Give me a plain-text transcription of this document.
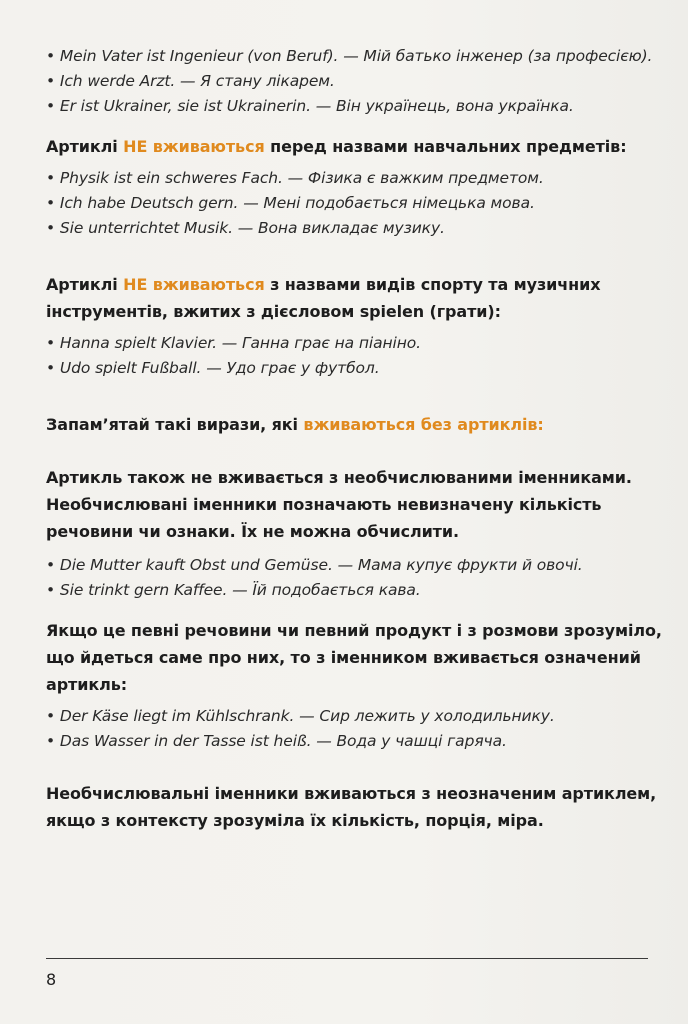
• Mein Vater ist Ingenieur (von Beruf). — Мій батько інженер (за професією).
• Ich werde Arzt. — Я стану лікарем.
• Er ist Ukrainer, sie ist Ukrainerin. — Він українець, вона українка.
Артиклі НЕ вживаються перед назвами навчальних предметів:
• Physik ist ein schweres Fach. — Фізика є важким предметом.
• Ich habe Deutsch gern. — Мені подобається німецька мова.
• Sie unterrichtet Musik. — Вона викладає музику.
Артиклі НЕ вживаються з назвами видів спорту та музичних інструментів, вжитих з дієсловом spielen (грати):
• Hanna spielt Klavier. — Ганна грає на піаніно.
• Udo spielt Fußball. — Удо грає у футбол.
Запам’ятай такі вирази, які вживаються без артиклів:
Артикль також не вживається з необчислюваними іменниками. Необчислювані іменники позначають невизначену кількість речовини чи ознаки. Їх не можна обчислити.
• Die Mutter kauft Obst und Gemüse. — Мама купує фрукти й овочі.
• Sie trinkt gern Kaffee. — Їй подобається кава.
Якщо це певні речовини чи певний продукт і з розмови зрозуміло, що йдеться саме про них, то з іменником вживається означений артикль:
• Der Käse liegt im Kühlschrank. — Сир лежить у холодильнику.
• Das Wasser in der Tasse ist heiß. — Вода у чашці гаряча.
Необчислювальні іменники вживаються з неозначеним артиклем, якщо з контексту зрозуміла їх кількість, порція, міра.
8
